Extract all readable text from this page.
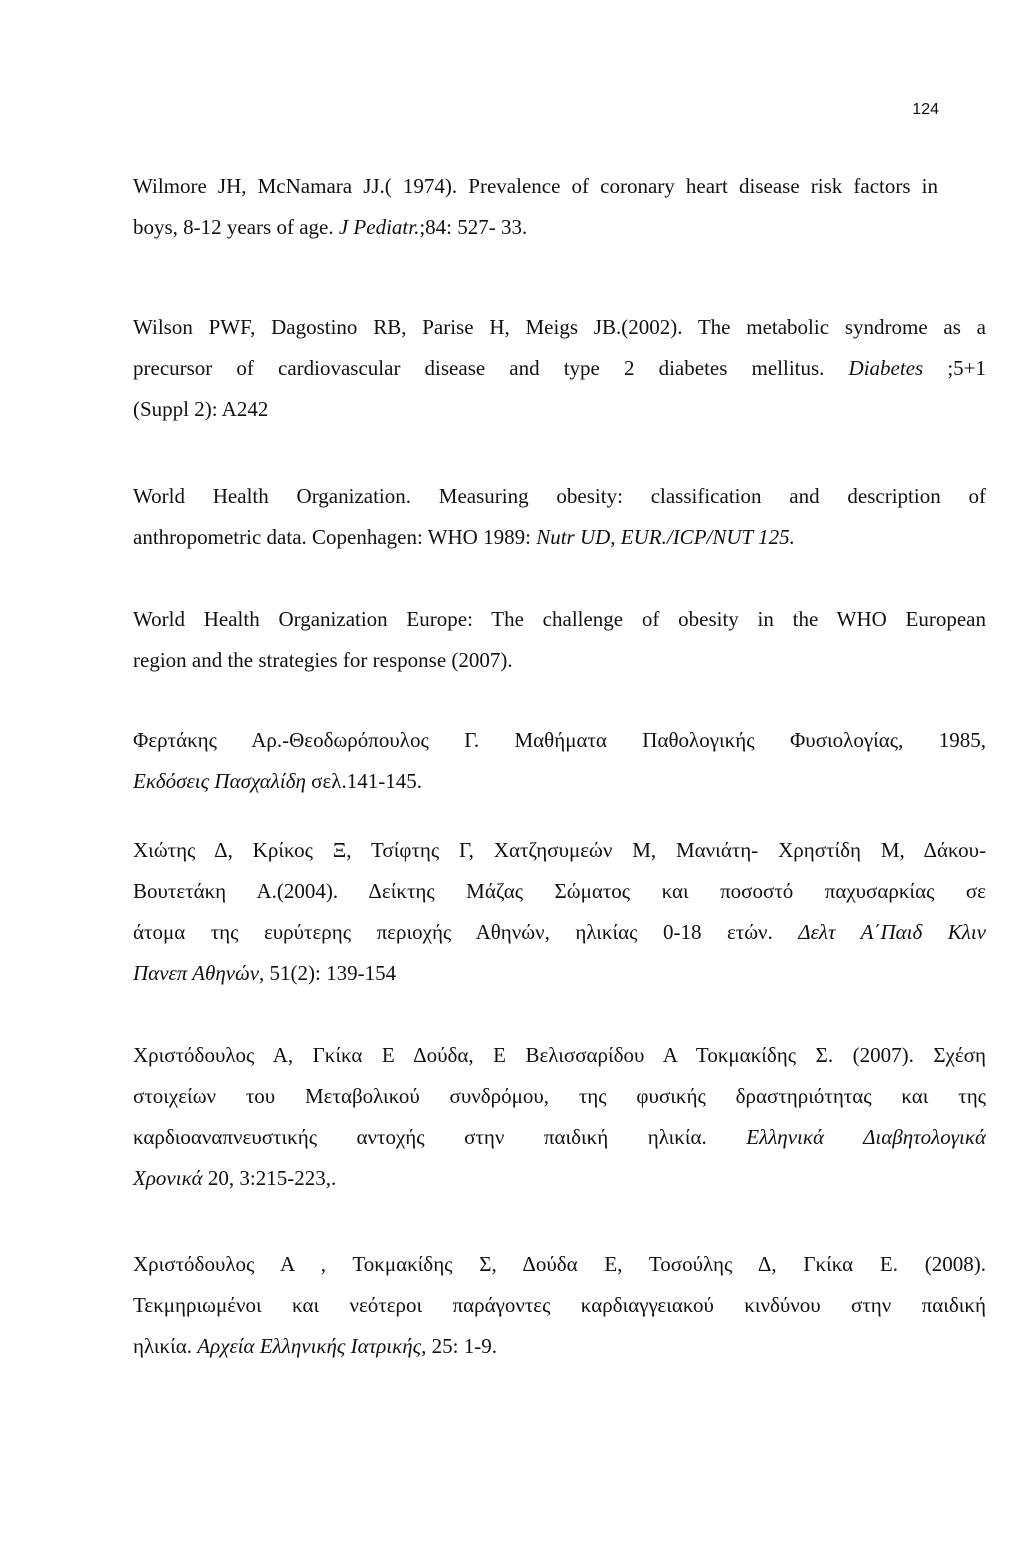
124
Wilmore JH, McNamara JJ.( 1974). Prevalence of coronary heart disease risk factors in
boys, 8-12 years of age. J Pediatr.;84: 527- 33.
Wilson PWF, Dagostino RB, Parise H, Meigs JB.(2002). The metabolic syndrome as a
precursor of cardiovascular disease and type 2 diabetes mellitus. Diabetes ;5+1
(Suppl 2): A242
World Health Organization. Measuring obesity: classification and description of
anthropometric data. Copenhagen: WHO 1989: Nutr UD, EUR./ICP/NUT 125.
World Health Organization Europe: The challenge of obesity in the WHO European
region and the strategies for response (2007).
Φερτάκης Αρ.-Θεοδωρόπουλος Γ. Μαθήματα Παθολογικής Φυσιολογίας, 1985,
Εκδόσεις Πασχαλίδη σελ.141-145.
Χιώτης Δ, Κρίκος Ξ, Τσίφτης Γ, Χατζησυμεών Μ, Μανιάτη- Χρηστίδη Μ, Δάκου-
Βουτετάκη Α.(2004). Δείκτης Μάζας Σώματος και ποσοστό παχυσαρκίας σε
άτομα της ευρύτερης περιοχής Αθηνών, ηλικίας 0-18 ετών. Δελτ Α΄Παιδ Κλιν
Πανεπ Αθηνών, 51(2): 139-154
Χριστόδουλος Α, Γκίκα Ε Δούδα, Ε Βελισσαρίδου Α Τοκμακίδης Σ. (2007). Σχέση
στοιχείων του Μεταβολικού συνδρόμου, της φυσικής δραστηριότητας και της
καρδιοαναπνευστικής αντοχής στην παιδική ηλικία. Ελληνικά Διαβητολογικά
Χρονικά 20, 3:215-223,.
Χριστόδουλος Α , Τοκμακίδης Σ, Δούδα Ε, Τοσούλης Δ, Γκίκα Ε. (2008).
Τεκμηριωμένοι και νεότεροι παράγοντες καρδιαγγειακού κινδύνου στην παιδική
ηλικία. Αρχεία Ελληνικής Ιατρικής, 25: 1-9.
